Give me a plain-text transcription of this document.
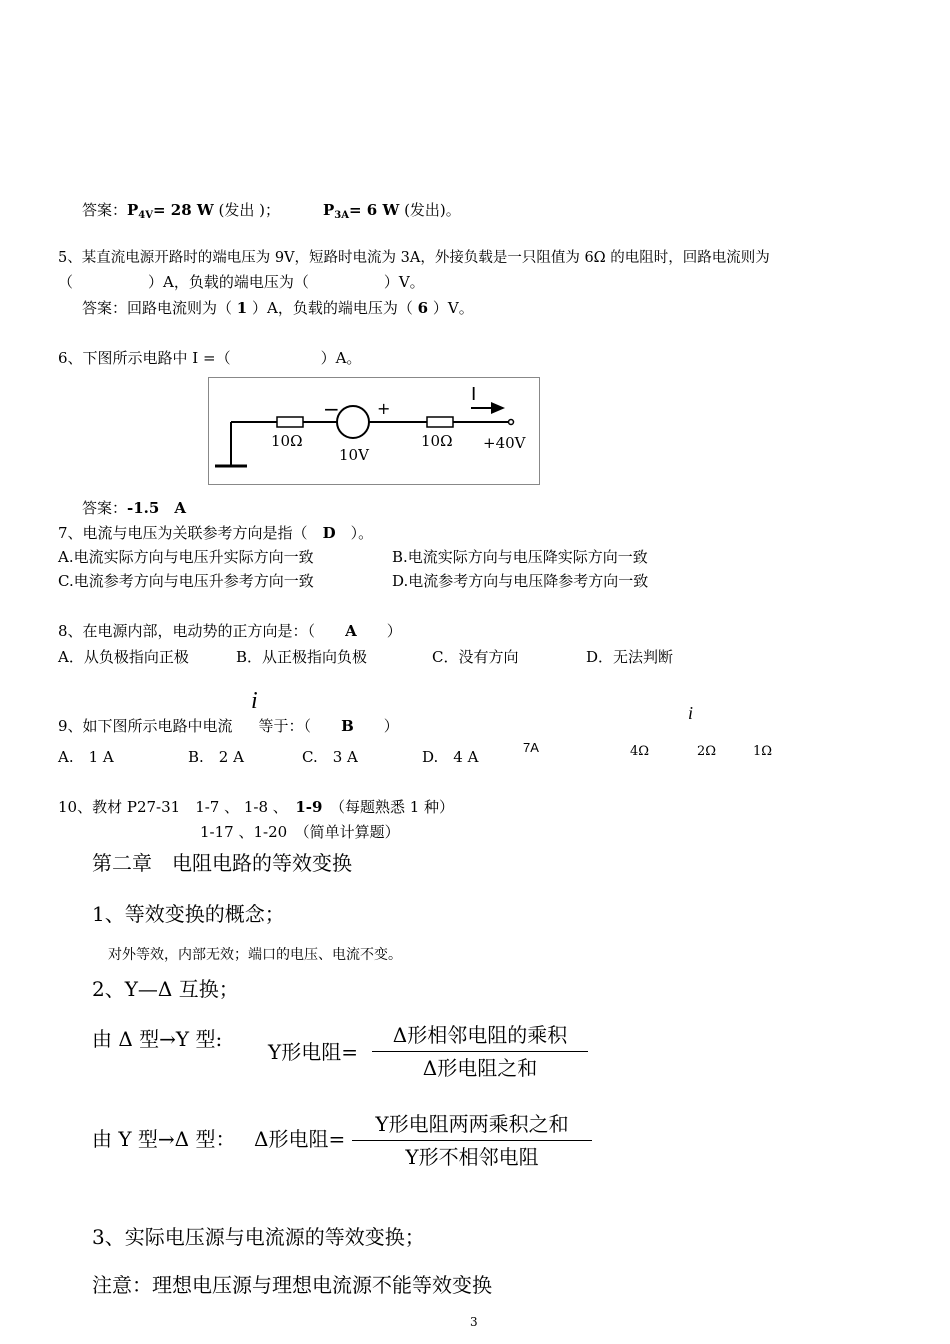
答案：$P_{4V}= 28$ W (发出 )；	$P_{3A}= 6$ W (发出)。
5、某直流电源开路时的端电压为 9V，短路时电流为 3A，外接负载是一只阻值为 6Ω 的电阻时，回路电流则为
（　　　　　）A，负载的端电压为（　　　　　）V。
答案：回路电流则为（ 1 ）A，负载的端电压为（ 6 ）V。
6、下图所示电路中 I =（　　　　　　）A。
− +
10Ω
10V
10Ω
I
+40V
答案：-1.5　A
7、电流与电压为关联参考方向是指（　 D　 ）。
A.电流实际方向与电压升实际方向一致	B.电流实际方向与电压降实际方向一致
C.电流参考方向与电压升参考方向一致	D.电流参考方向与电压降参考方向一致
8、在电源内部，电动势的正方向是：（　　 A　　 ）
A．从负极指向正极	B．从正极指向负极	C．没有方向	D．无法判断
i
9、如下图所示电路中电流 等于：（　　 B　　 ）
i
A.　1 A	B.　2 A	C.　3 A	D.　4 A
7A	4Ω	2Ω	1Ω
10、教材 P27-31　1-7 、 1-8 、　 1-9　 （每题熟悉 1 种）
1-17 、1-20　（简单计算题）
第二章　电阻电路的等效变换
1、等效变换的概念；
对外等效，内部无效；端口的电压、电流不变。
2、Y—Δ 互换；
由 Δ 型→Y 型:
Y形电阻=
Δ形相邻电阻的乘积
Δ形电阻之和
由 Y 型→Δ 型： Δ形电阻=
Y形电阻两两乘积之和
Y形不相邻电阻
3、实际电压源与电流源的等效变换；
注意：理想电压源与理想电流源不能等效变换
3
